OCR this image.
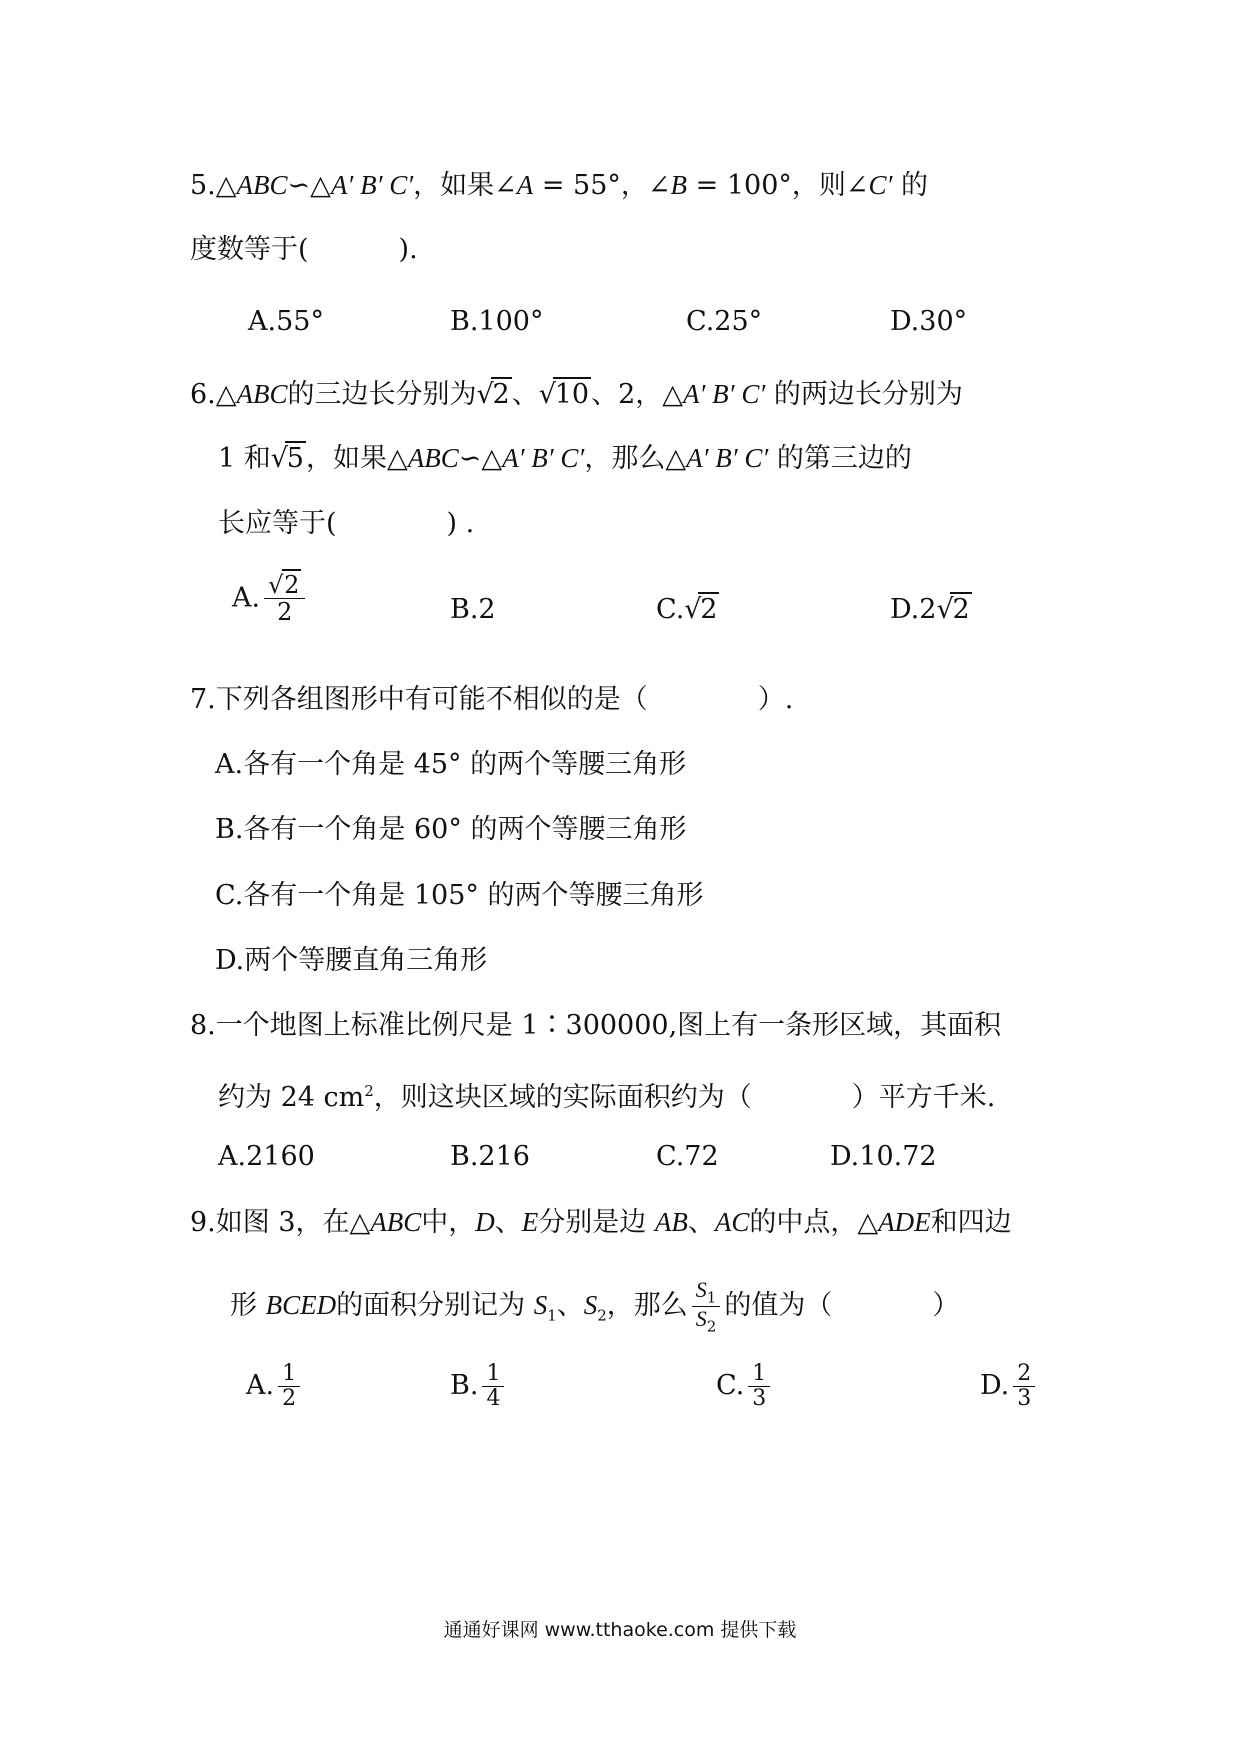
5.△ABC∽△A′ B′ C′，如果∠A = 55°，∠B = 100°，则∠C′ 的
度数等于(	).
A.55°	B.100°	C.25°	D.30°
6.△ABC的三边长分别为 √
2、 √
10、2，△A′ B′ C′ 的两边长分别为
1 和 √
5，如果△ABC∽△A′ B′ C′，那么△A′ B′ C′ 的第三边的
长应等于(	) .
A. $\frac{√ 2}{2}$	B.2	C. √
2	D.2 √
2
7.下列各组图形中有可能不相似的是（	）.
A.各有一个角是 45° 的两个等腰三角形
B.各有一个角是 60° 的两个等腰三角形
C.各有一个角是 105° 的两个等腰三角形
D.两个等腰直角三角形
8.一个地图上标准比例尺是 1∶300000,图上有一条形区域，其面积
约为 24 $cm^2$，则这块区域的实际面积约为（	）平方千米.
A.2160	B.216	C.72	D.10.72
9.如图 3，在△ABC中，D、E分别是边 AB、AC的中点，△ADE和四边
形 BCED的面积分别记为 $S_1$、$S_2$，那么 $\frac{S_1}{S_2}$ 的值为（	）
A. $\frac{1}{2}$	B. $\frac{1}{4}$	C. $\frac{1}{3}$	D. $\frac{2}{3}$
通通好课网 www.tthaoke.com 提供下载
